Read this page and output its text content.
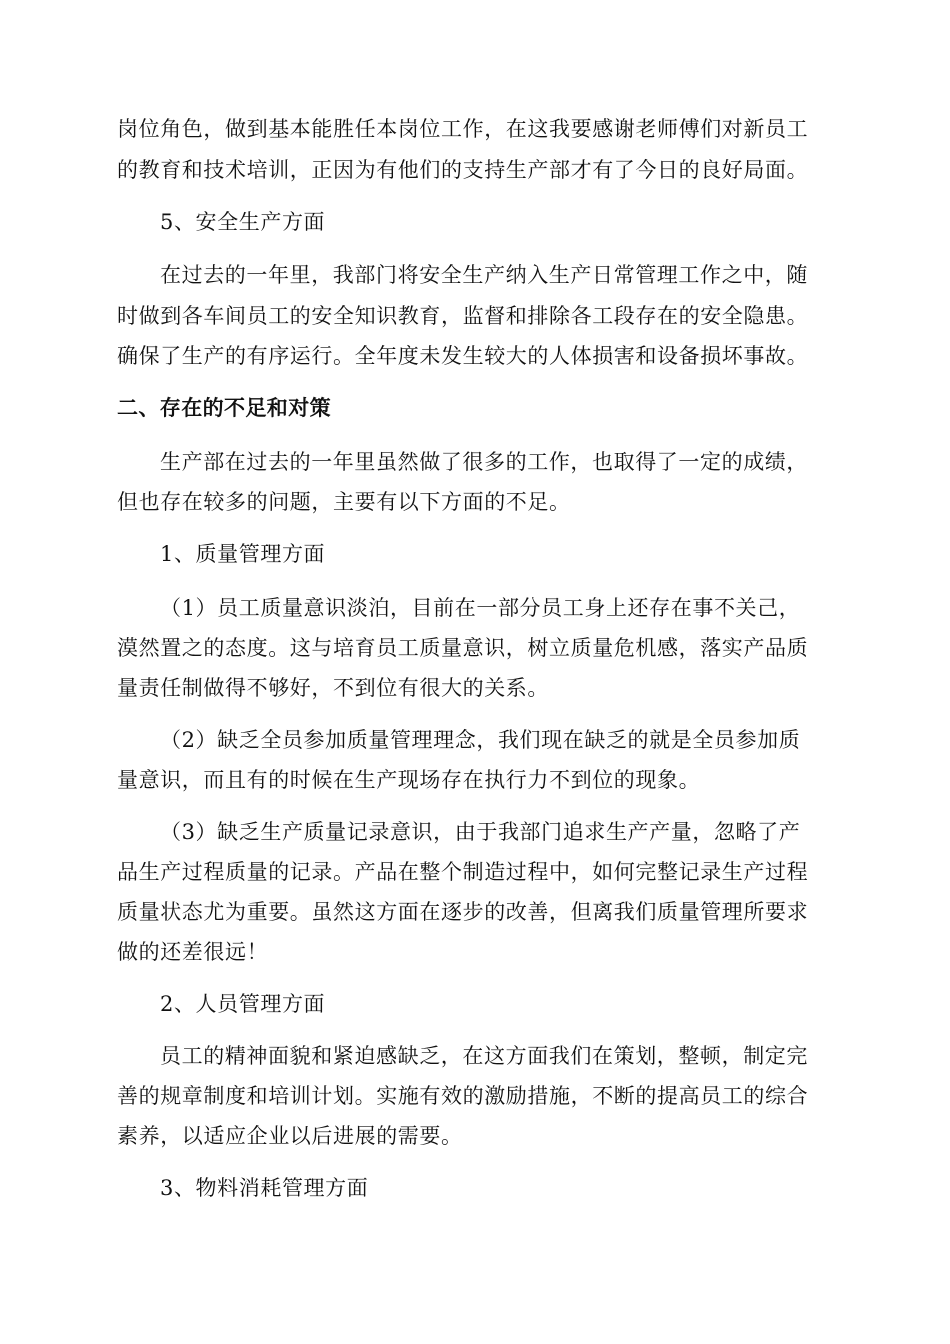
岗位角色，做到基本能胜任本岗位工作，在这我要感谢老师傅们对新员工
的教育和技术培训，正因为有他们的支持生产部才有了今日的良好局面。
5、安全生产方面
在过去的一年里，我部门将安全生产纳入生产日常管理工作之中，随
时做到各车间员工的安全知识教育，监督和排除各工段存在的安全隐患。
确保了生产的有序运行。全年度未发生较大的人体损害和设备损坏事故。
二、存在的不足和对策
生产部在过去的一年里虽然做了很多的工作，也取得了一定的成绩，
但也存在较多的问题，主要有以下方面的不足。
1、质量管理方面
（1）员工质量意识淡泊，目前在一部分员工身上还存在事不关己，
漠然置之的态度。这与培育员工质量意识，树立质量危机感，落实产品质
量责任制做得不够好，不到位有很大的关系。
（2）缺乏全员参加质量管理理念，我们现在缺乏的就是全员参加质
量意识，而且有的时候在生产现场存在执行力不到位的现象。
（3）缺乏生产质量记录意识，由于我部门追求生产产量，忽略了产
品生产过程质量的记录。产品在整个制造过程中，如何完整记录生产过程
质量状态尤为重要。虽然这方面在逐步的改善，但离我们质量管理所要求
做的还差很远！
2、人员管理方面
员工的精神面貌和紧迫感缺乏，在这方面我们在策划，整顿，制定完
善的规章制度和培训计划。实施有效的激励措施，不断的提高员工的综合
素养，以适应企业以后进展的需要。
3、物料消耗管理方面
